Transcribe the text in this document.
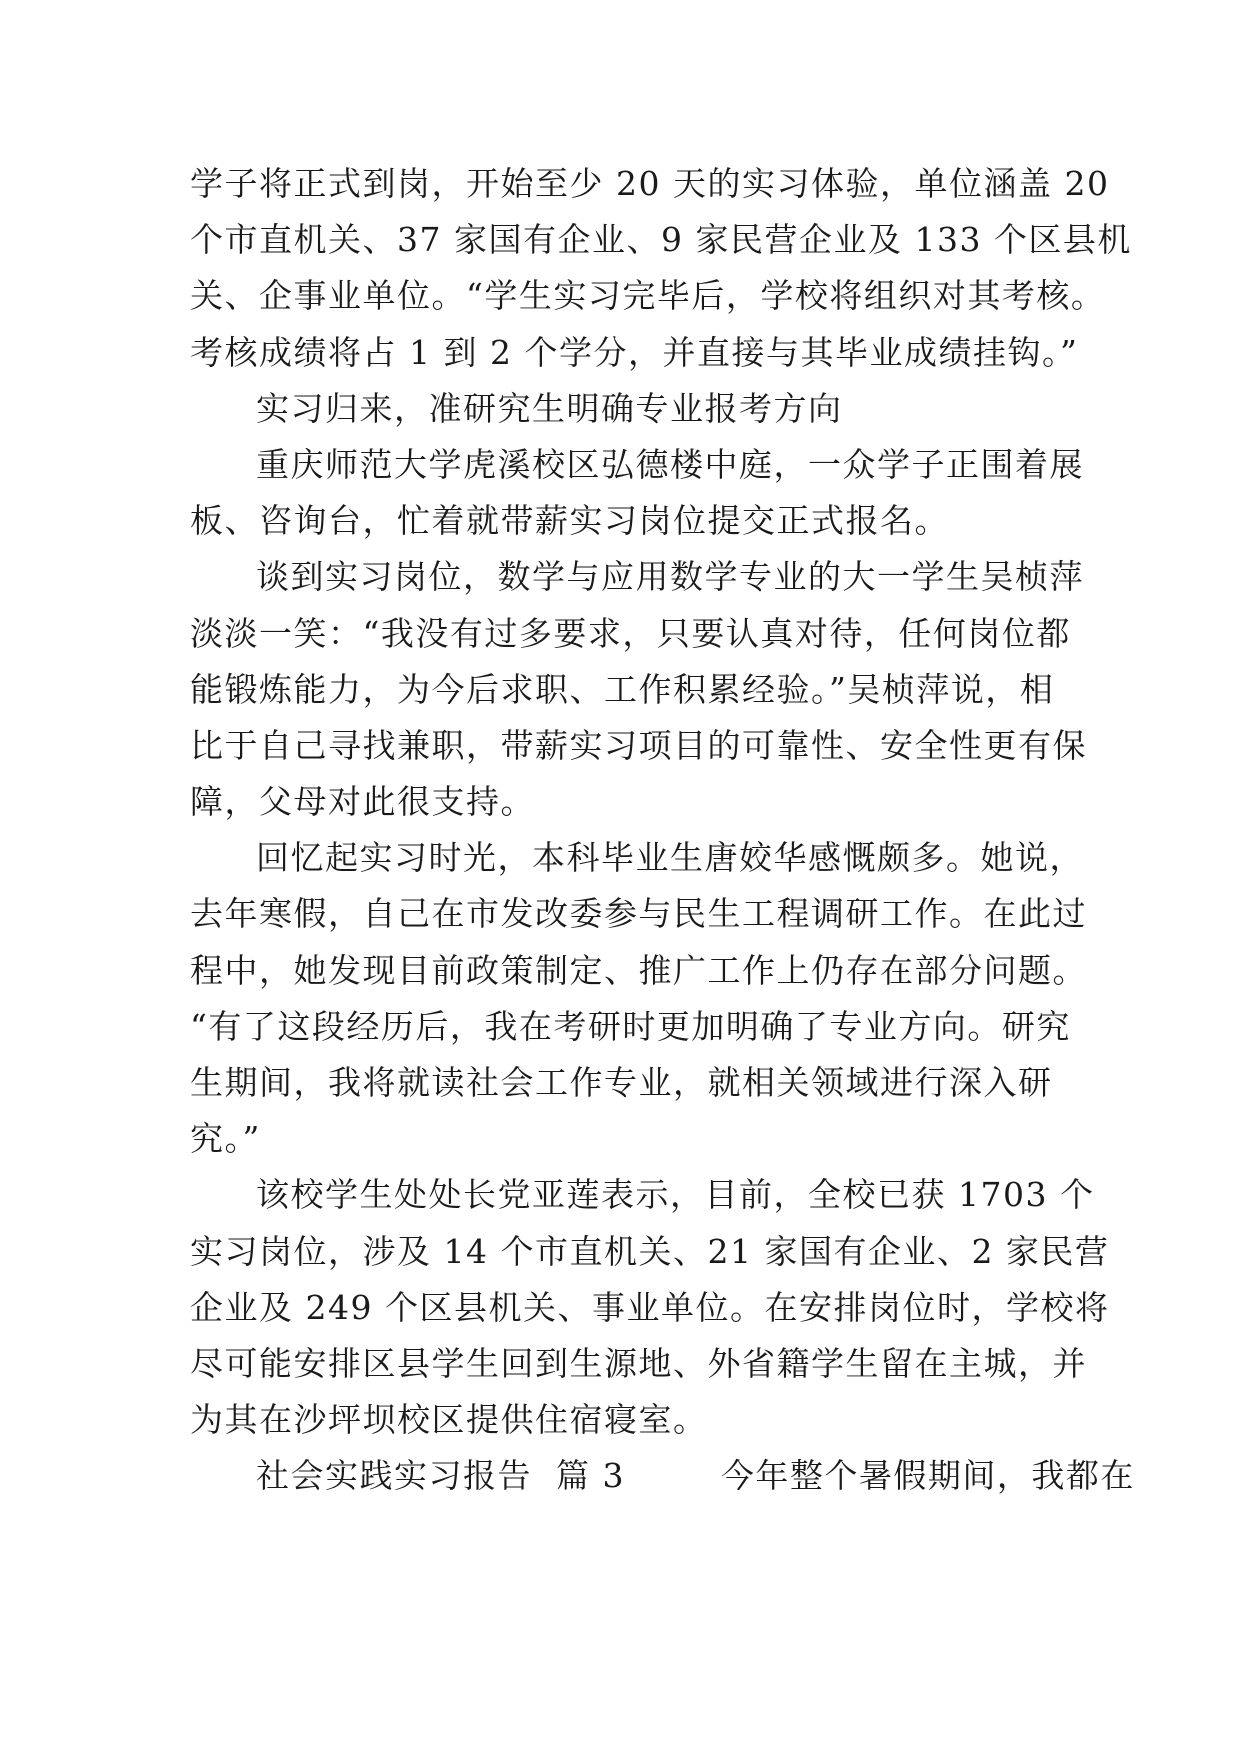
学子将正式到岗，开始至少 20 天的实习体验，单位涵盖 20
个市直机关、37 家国有企业、9 家民营企业及 133 个区县机
关、企事业单位。“学生实习完毕后，学校将组织对其考核。
考核成绩将占 1 到 2 个学分，并直接与其毕业成绩挂钩。”
实习归来，准研究生明确专业报考方向
重庆师范大学虎溪校区弘德楼中庭，一众学子正围着展
板、咨询台，忙着就带薪实习岗位提交正式报名。
谈到实习岗位，数学与应用数学专业的大一学生吴桢萍
淡淡一笑：“我没有过多要求，只要认真对待，任何岗位都
能锻炼能力，为今后求职、工作积累经验。”吴桢萍说，相
比于自己寻找兼职，带薪实习项目的可靠性、安全性更有保
障，父母对此很支持。
回忆起实习时光，本科毕业生唐姣华感慨颇多。她说，
去年寒假，自己在市发改委参与民生工程调研工作。在此过
程中，她发现目前政策制定、推广工作上仍存在部分问题。
“有了这段经历后，我在考研时更加明确了专业方向。研究
生期间，我将就读社会工作专业，就相关领域进行深入研
究。”
该校学生处处长党亚莲表示，目前，全校已获 1703 个
实习岗位，涉及 14 个市直机关、21 家国有企业、2 家民营
企业及 249 个区县机关、事业单位。在安排岗位时，学校将
尽可能安排区县学生回到生源地、外省籍学生留在主城，并
为其在沙坪坝校区提供住宿寝室。
社会实践实习报告  篇 3        今年整个暑假期间，我都在
